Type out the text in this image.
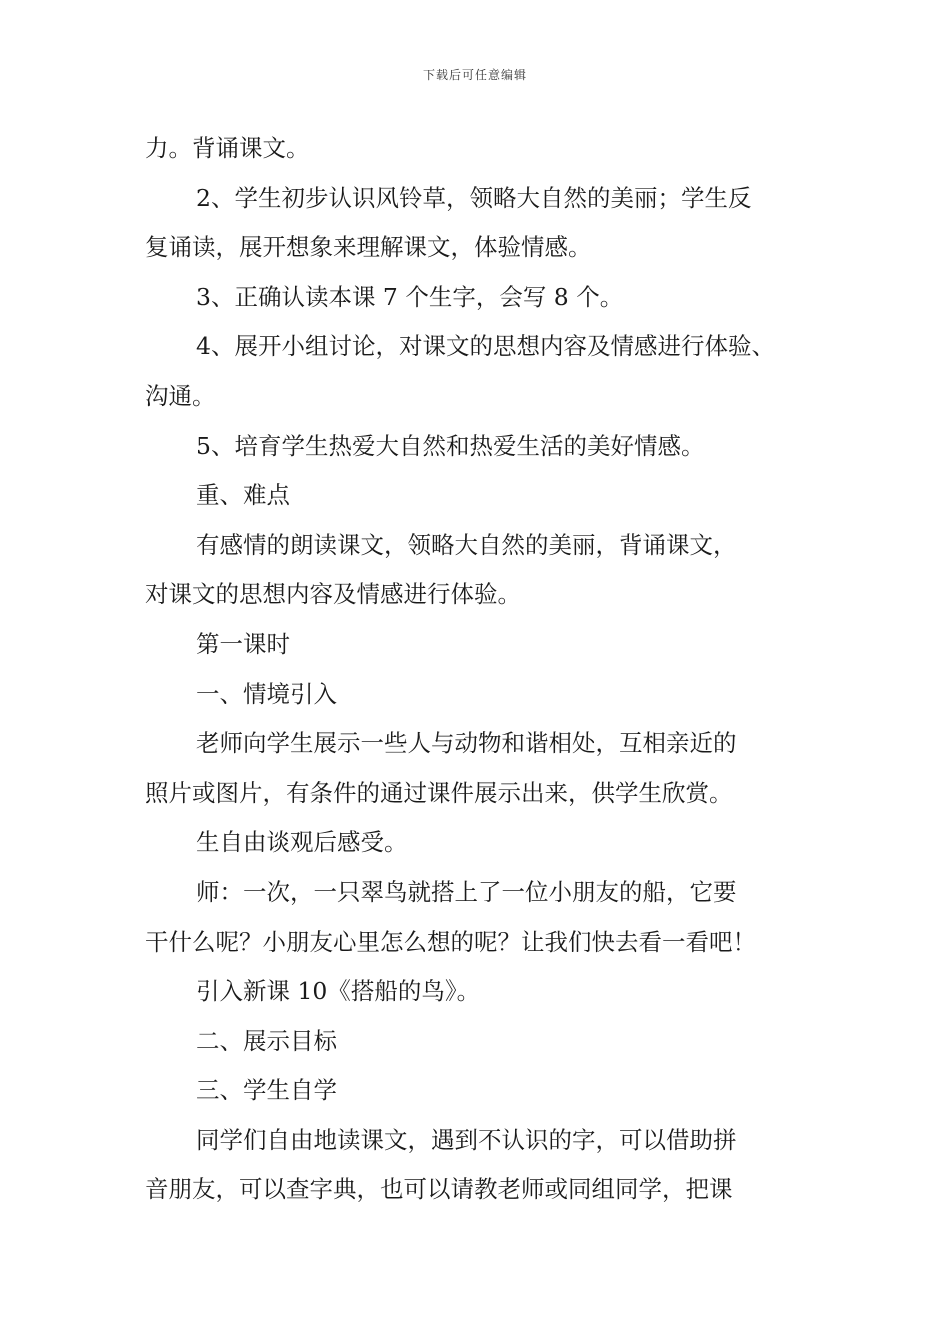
下载后可任意编辑
力。背诵课文。
2、学生初步认识风铃草，领略大自然的美丽；学生反
复诵读，展开想象来理解课文，体验情感。
3、正确认读本课 7 个生字，会写 8 个。
4、展开小组讨论，对课文的思想内容及情感进行体验、
沟通。
5、培育学生热爱大自然和热爱生活的美好情感。
重、难点
有感情的朗读课文，领略大自然的美丽，背诵课文，
对课文的思想内容及情感进行体验。
第一课时
一、情境引入
老师向学生展示一些人与动物和谐相处，互相亲近的
照片或图片，有条件的通过课件展示出来，供学生欣赏。
生自由谈观后感受。
师：一次，一只翠鸟就搭上了一位小朋友的船，它要
干什么呢？小朋友心里怎么想的呢？让我们快去看一看吧！
引入新课 10《搭船的鸟》。
二、展示目标
三、学生自学
同学们自由地读课文，遇到不认识的字，可以借助拼
音朋友，可以查字典，也可以请教老师或同组同学，把课
